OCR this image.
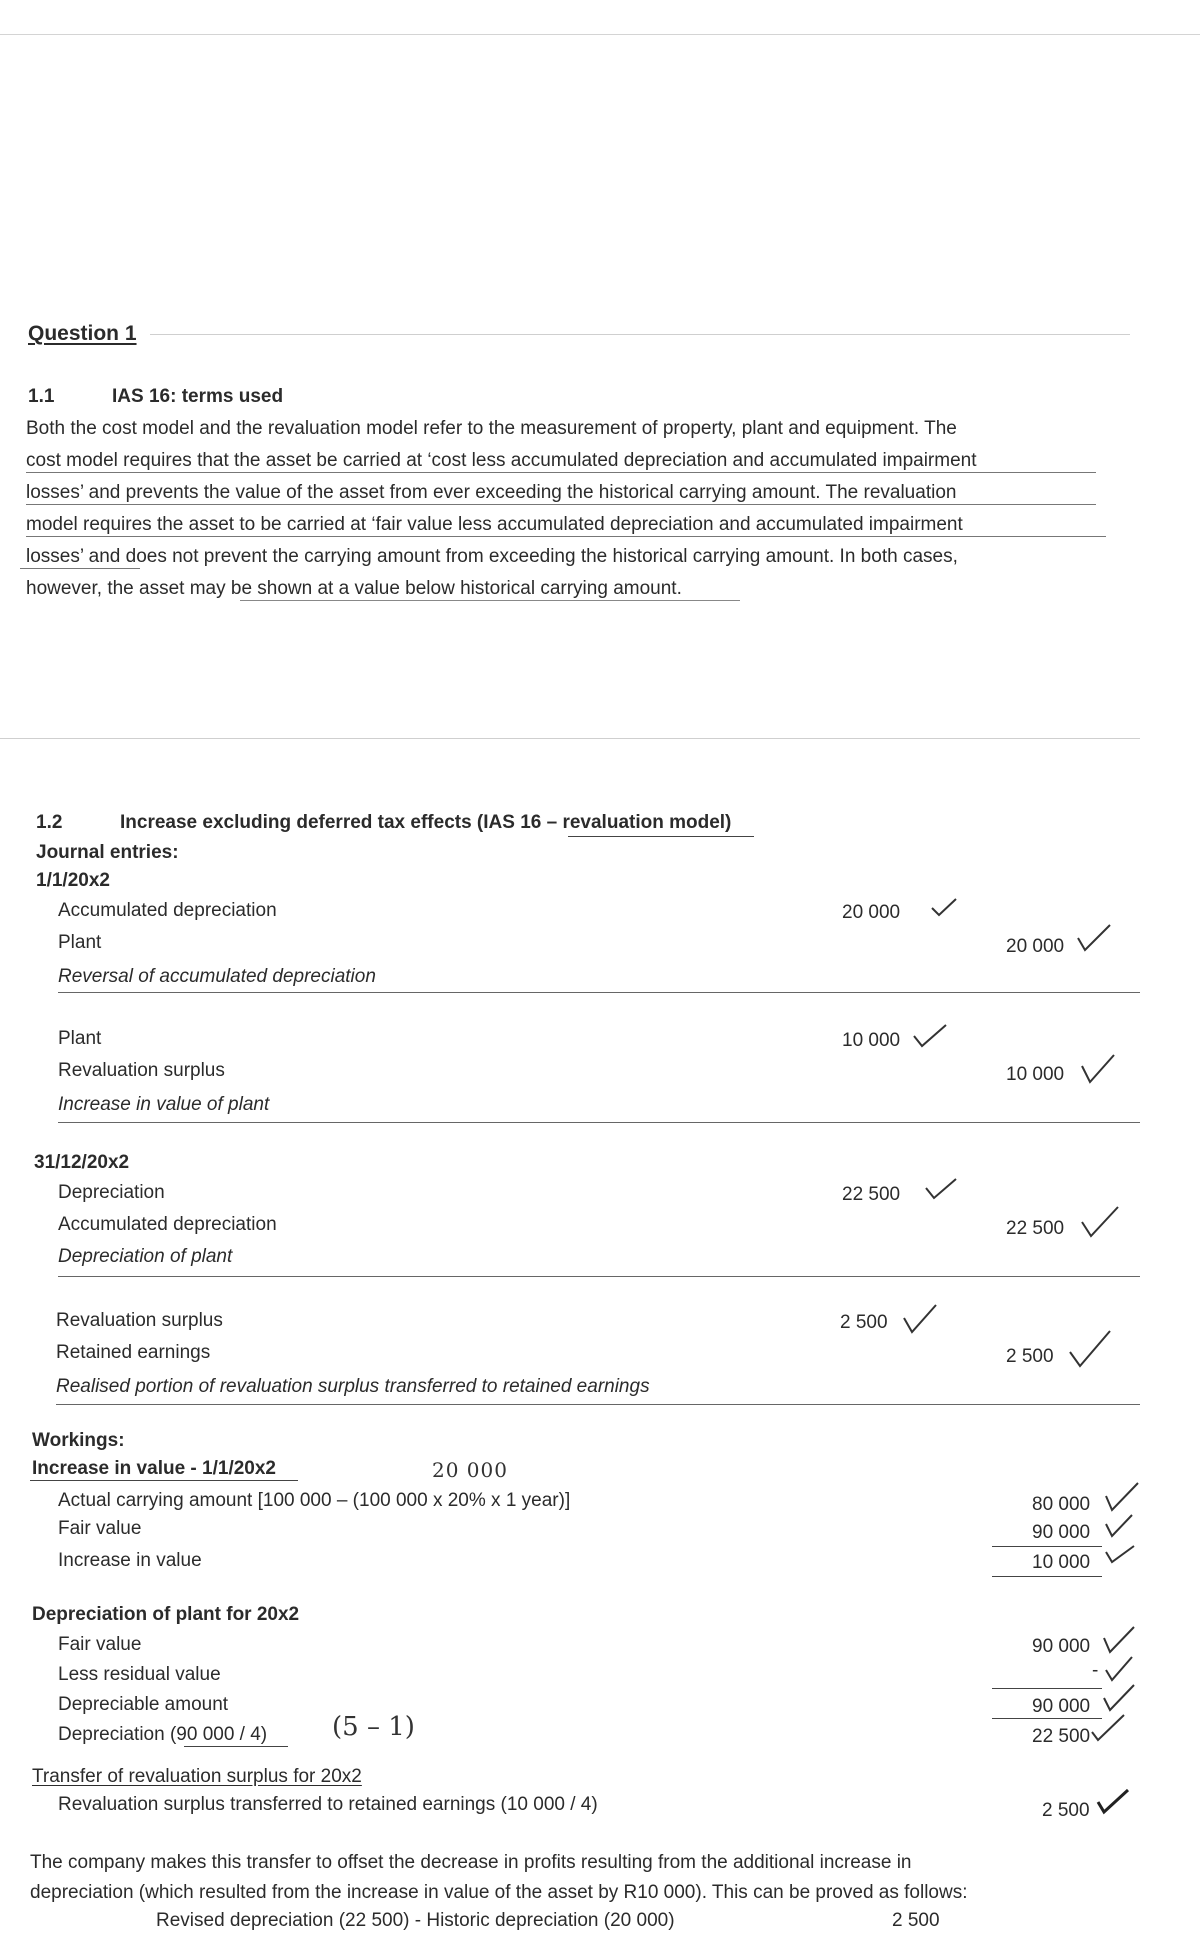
Question 1
1.1	IAS 16: terms used
Both the cost model and the revaluation model refer to the measurement of property, plant and equipment. The
cost model requires that the asset be carried at ‘cost less accumulated depreciation and accumulated impairment
losses’ and prevents the value of the asset from ever exceeding the historical carrying amount. The revaluation
model requires the asset to be carried at ‘fair value less accumulated depreciation and accumulated impairment
losses’ and does not prevent the carrying amount from exceeding the historical carrying amount. In both cases,
however, the asset may be shown at a value below historical carrying amount.
1.2	Increase excluding deferred tax effects (IAS 16 – revaluation model)
Journal entries:
1/1/20x2
Accumulated depreciation	20 000
Plant	20 000
Reversal of accumulated depreciation
Plant	10 000
Revaluation surplus	10 000
Increase in value of plant
31/12/20x2
Depreciation	22 500
Accumulated depreciation	22 500
Depreciation of plant
Revaluation surplus	2 500
Retained earnings	2 500
Realised portion of revaluation surplus transferred to retained earnings
Workings:
Increase in value - 1/1/20x2	20 000
Actual carrying amount [100 000 – (100 000 x 20% x 1 year)]	80 000
Fair value	90 000
Increase in value	10 000
Depreciation of plant for 20x2
Fair value	90 000
Less residual value	-
Depreciable amount	90 000
Depreciation (90 000 / 4)	22 500
(5 – 1)
Transfer of revaluation surplus for 20x2
Revaluation surplus transferred to retained earnings (10 000 / 4)	2 500
The company makes this transfer to offset the decrease in profits resulting from the additional increase in
depreciation (which resulted from the increase in value of the asset by R10 000). This can be proved as follows:
Revised depreciation (22 500) - Historic depreciation (20 000)	2 500
